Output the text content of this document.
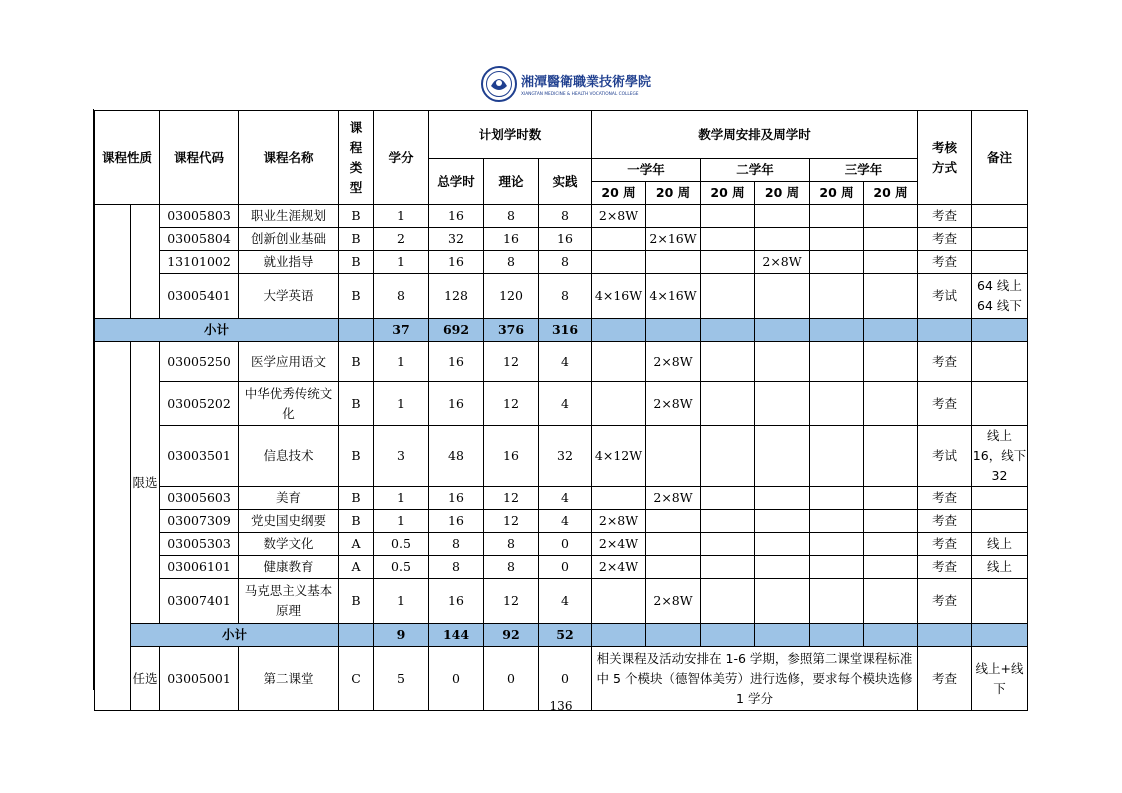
湘潭醫衛職業技術學院
XIANGTAN MEDICINE & HEALTH VOCATIONAL COLLEGE
课程性质		课程代码	课程名称	课程类型	学分	计划学时数			教学周安排及周学时						考核方式	备注
						总学时	理论	实践	一学年		二学年		三学年			
									20 周	20 周	20 周	20 周	20 周	20 周		
		03005803	职业生涯规划	B	1	16	8	8	2×8W						考查	
		03005804	创新创业基础	B	2	32	16	16		2×16W					考查	
		13101002	就业指导	B	1	16	8	8				2×8W			考查	
		03005401	大学英语	B	8	128	120	8	4×16W	4×16W					考试	64 线上 64 线下
小计					37	692	376	316								
	限选	03005250	医学应用语文	B	1	16	12	4		2×8W					考查	
		03005202	中华优秀传统文化	B	1	16	12	4		2×8W					考查	
		03003501	信息技术	B	3	48	16	32	4×12W						考试	线上 16，线下 32
		03005603	美育	B	1	16	12	4		2×8W					考查	
		03007309	党史国史纲要	B	1	16	12	4	2×8W						考查	
		03005303	数学文化	A	0.5	8	8	0	2×4W						考查	线上
		03006101	健康教育	A	0.5	8	8	0	2×4W						考查	线上
		03007401	马克思主义基本原理	B	1	16	12	4		2×8W					考查	
	小计				9	144	92	52								
	任选	03005001	第二课堂	C	5	0	0	0	相关课程及活动安排在 1-6 学期，参照第二课堂课程标准中 5 个模块（德智体美劳）进行选修，要求每个模块选修 1 学分						考查	线上+线下
136
